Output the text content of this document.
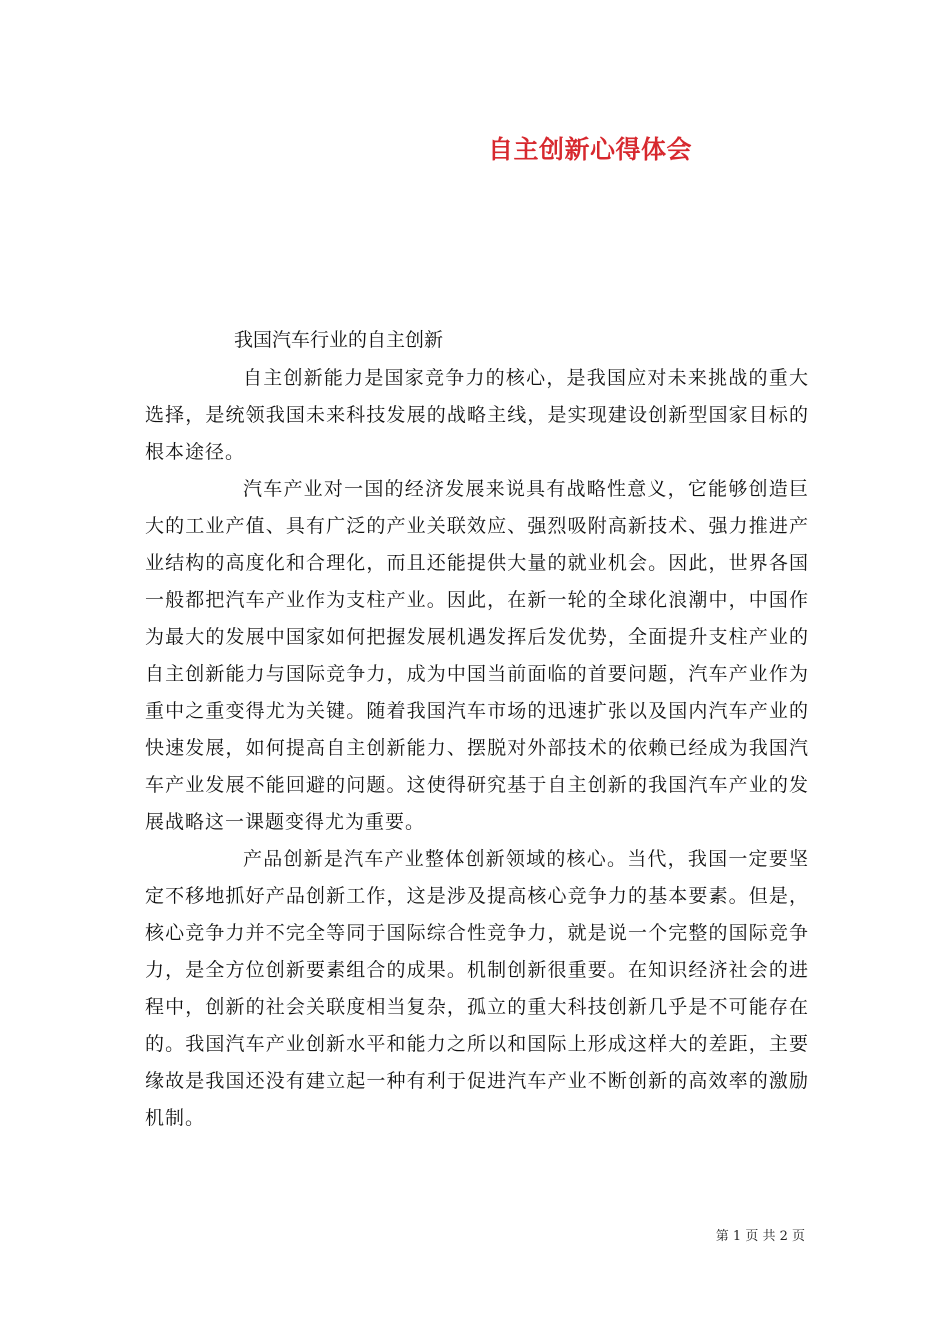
自主创新心得体会
我国汽车行业的自主创新

自主创新能力是国家竞争力的核心，是我国应对未来挑战的重大选择，是统领我国未来科技发展的战略主线，是实现建设创新型国家目标的根本途径。

汽车产业对一国的经济发展来说具有战略性意义，它能够创造巨大的工业产值、具有广泛的产业关联效应、强烈吸附高新技术、强力推进产业结构的高度化和合理化，而且还能提供大量的就业机会。因此，世界各国一般都把汽车产业作为支柱产业。因此，在新一轮的全球化浪潮中，中国作为最大的发展中国家如何把握发展机遇发挥后发优势，全面提升支柱产业的自主创新能力与国际竞争力，成为中国当前面临的首要问题，汽车产业作为重中之重变得尤为关键。随着我国汽车市场的迅速扩张以及国内汽车产业的快速发展，如何提高自主创新能力、摆脱对外部技术的依赖已经成为我国汽车产业发展不能回避的问题。这使得研究基于自主创新的我国汽车产业的发展战略这一课题变得尤为重要。

产品创新是汽车产业整体创新领域的核心。当代，我国一定要坚定不移地抓好产品创新工作，这是涉及提高核心竞争力的基本要素。但是，核心竞争力并不完全等同于国际综合性竞争力，就是说一个完整的国际竞争力，是全方位创新要素组合的成果。机制创新很重要。在知识经济社会的进程中，创新的社会关联度相当复杂，孤立的重大科技创新几乎是不可能存在的。我国汽车产业创新水平和能力之所以和国际上形成这样大的差距，主要缘故是我国还没有建立起一种有利于促进汽车产业不断创新的高效率的激励机制。

第 1 页 共 2 页
